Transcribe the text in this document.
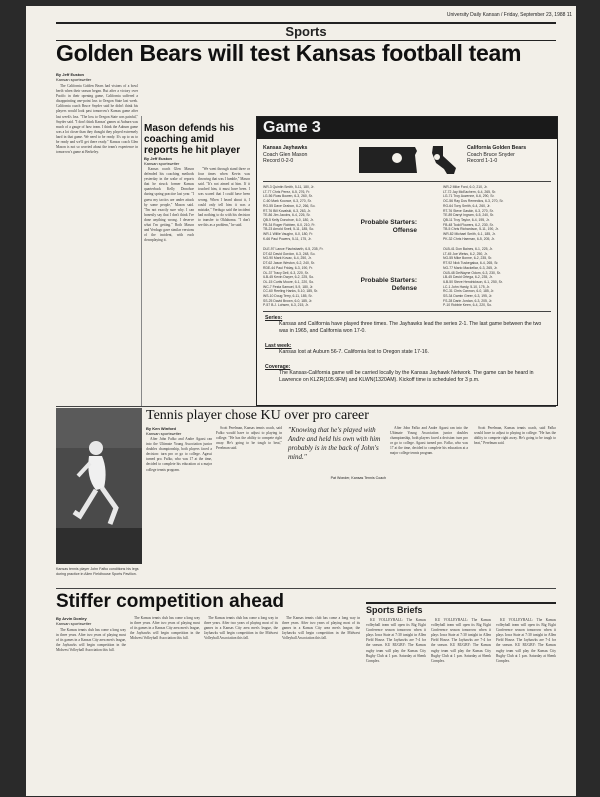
University Daily Kansan / Friday, September 23, 1988 11
Sports
Golden Bears will test Kansas football team
By Jeff Euston
Kansan sportswriter

The California Golden Bears had visions of a bowl berth when their season began. But after a victory over Pacific in their opening game, California suffered a disappointing one-point loss to Oregon State last week. California coach Bruce Snyder said he didn't think his players would look past tomorrow's Kansas game after last week's loss. "The loss to Oregon State was painful," Snyder said. "I don't think Kansas' games at Auburn was much of a gauge of how team. I think the Auburn game was a lot closer than they thought they played extremely hard in that game. We need to be ready. It's up to us to be ready and we'll get there ready." Kansas coach Glen Mason is not so worried about the team's experience in tomorrow's game at Berkeley.

Mason defends his coaching amid reports he hit player
By Jeff Euston
Kansan sportswriter

Kansas coach Glen Mason defended his coaching methods yesterday in the wake of reports that he struck former Kansas quarterback Kelly Donohoe during spring practice last year. "I guess my tactics are under attack by some people," Mason said. "I'm not exactly sure why. I can honestly say that I don't think I've done anything wrong. I deserve what I'm getting." Both Mason and Verdugo gave similar versions of the incident, with each downplaying it.

"We went through stand three or four times when Kevin was throwing that was I fumble," Mason said. "It's not aimed at him. If it touched him, it must have been. I was scared that I could have been wrong. When I heard about it, I could only tell him it was a mistake," Verdugo said the incident had nothing to do with his decision to transfer to Oklahoma. "I don't see this as a problem," he said.

Game 3
Kansas Jayhawks
Coach Glen Mason
Record 0-2-0
California Golden Bears
Coach Bruce Snyder
Record 1-1-0
WR-3 Quintin Smith, 5-11, 180, Jr.
LT-77 Chris Perez, 6-5, 276, Fr.
LG-56 Russ Bowen, 6-3, 260, Sr.
C-60 Mark Koonce, 6-3, 270, Sr.
RG-55 Dave Orabon, 6-2, 266, So.
RT-76 Bill Kovalski, 6-3, 263, Jr.
TE-86 Jim Jacobs, 6-4, 226, Sr.
QB-5 Kelly Donohoe, 6-0, 180, Jr.
FB-34 Roger Robben, 6-0, 210, Fr.
TB-23 Arnold Snell, 5-11, 185, So.
WR-1 Willie Vaughn, 6-0, 180, Fr.
K-66 Paul Powers, 5-11, 175, Jr.
Probable Starters: Offense
WR-2 Mike Ford, 6-0, 210, Jr.
LT-72 Jay McEachern, 6-4, 265, Sr.
LG-71 Troy Auzenne, 6-6, 290, Sr.
OC-56 Ray Dos Remedios, 6-3, 270, Sr.
RG-64 Tony Smith, 6-4, 260, Jr.
RT-76 Steve Gaskin, 6-3, 270, Sr.
TE-89 Darryl Ingram, 6-5, 240, Sr.
QB-11 Troy Taylor, 6-4, 195, Jr.
FB-48 Todd Flowers, 6-2, 230, Sr.
TB-5 Chris Richardson, 5-11, 190, Jr.
WR-82 Michael Smith, 6-1, 185, Jr.
PK-32 Chris Haeman, 6-5, 205, Jr.
DLE-97 Lance Flachsbarth, 6-5, 235, Fr.
DT-62 David Gordon, 6-3, 248, So.
NG-90 Mark Kovac, 6-4, 250, Jr.
DT-62 Jason Weston, 6-2, 240, Sr.
RDE-44 Paul Friday, 6-3, 190, Fr.
OL-37 Tracy Dell, 6-3, 220, Sr.
ILB-45 Kevin Dwyer, 6-2, 225, So.
OL-15 Curtis Moore, 6-1, 220, So.
WC-7 Festa Samuel, 5-9, 180, Jr.
CC-60 Reeling Hanks, 5-10, 185, Sr.
WS-10 Doug Terry, 6-11, 185, Sr.
SS-25 David Brown, 6-0, 185, Jr.
P-57 B.J. Lohsen, 6-3, 215, Jr.
Probable Starters: Defense
OLB-41 Don Baines, 6-1, 225, Jr.
LT-45 Joe Weiss, 6-2, 250, Jr.
NG-55 Mike Bonne, 6-2, 235, Sr.
RT-92 Nick Tuskegalua, 6-4, 265, Sr.
NG-77 Mario Mackellar, 6-3, 265, Jr.
OLB-48 DeWayne Odom, 6-3, 230, Sr.
LB-45 David Ortega, 6-2, 235, Jr.
ILB-50 Steve Hendrickson, 6-1, 250, Sr.
LC-1 John Hardy, 5-10, 175, Jr.
RC-31 Chris Cannon, 6-0, 185, Jr.
SS-34 Damin Greer, 6-3, 195, Jr.
FS-28 Darin Jordan, 6-3, 205, Jr.
P-10 Robbie Keen, 6-4, 220, So.
Series:
Kansas and California have played three times. The Jayhawks lead the series 2-1. The last game between the two was in 1965, and California won 17-0.
Last week:
Kansas lost at Auburn 56-7. California lost to Oregon state 17-16.
Coverage:
The Kansas-California game will be carried locally by the Kansas Jayhawk Network. The game can be heard in Lawrence on KLZR(105.9FM) and KLWN(1320AM). Kickoff time is scheduled for 3 p.m.
Tennis player chose KU over pro career
Kansas tennis player John Fafko conditions his legs during practice in Allen Fieldhouse Sports Pavilion.
By Ken Winford
Kansan sportswriter

After John Fafko and Andre Agassi ran into the Ultimate Young Association junior doubles championship, both players faced a decision: turn pro or go to college. Agassi turned pro. Fafko, who was 17 at the time, decided to complete his education at a major college tennis program.

Scott Perelman, Kansas tennis coach, said Fafko would have to adjust to playing in college. "He has the ability to compete right away. He's going to be tough to beat," Perelman said.

"Knowing that he's played with Andre and held his own with him probably is in the back of John's mind."
Pat Wonder, Kansas Tennis Coach

After John Fafko and Andre Agassi ran into the Ultimate Young Association junior doubles championship, both players faced a decision: turn pro or go to college. Agassi turned pro. Fafko, who was 17 at the time, decided to complete his education at a major college tennis program.

Scott Perelman, Kansas tennis coach, said Fafko would have to adjust to playing in college. "He has the ability to compete right away. He's going to be tough to beat," Perelman said.

Stiffer competition ahead
By Arvin Donley
Kansan sportswriter

The Kansas tennis club has come a long way in three years. After two years of playing most of its games in a Kansas City area men's league, the Jayhawks will begin competition in the Midwest Volleyball Association this fall.

The Kansas tennis club has come a long way in three years. After two years of playing most of its games in a Kansas City area men's league, the Jayhawks will begin competition in the Midwest Volleyball Association this fall.

The Kansas tennis club has come a long way in three years. After two years of playing most of its games in a Kansas City area men's league, the Jayhawks will begin competition in the Midwest Volleyball Association this fall.

The Kansas tennis club has come a long way in three years. After two years of playing most of its games in a Kansas City area men's league, the Jayhawks will begin competition in the Midwest Volleyball Association this fall.

Sports Briefs

KU VOLLEYBALL: The Kansas volleyball team will open its Big Eight Conference season tomorrow when it plays Iowa State at 7:30 tonight in Allen Field House. The Jayhawks are 7-4 for the season. KU RUGBY: The Kansas rugby team will play the Kansas City Rugby Club at 1 p.m. Saturday at Shenk Complex.

KU VOLLEYBALL: The Kansas volleyball team will open its Big Eight Conference season tomorrow when it plays Iowa State at 7:30 tonight in Allen Field House. The Jayhawks are 7-4 for the season. KU RUGBY: The Kansas rugby team will play the Kansas City Rugby Club at 1 p.m. Saturday at Shenk Complex.

KU VOLLEYBALL: The Kansas volleyball team will open its Big Eight Conference season tomorrow when it plays Iowa State at 7:30 tonight in Allen Field House. The Jayhawks are 7-4 for the season. KU RUGBY: The Kansas rugby team will play the Kansas City Rugby Club at 1 p.m. Saturday at Shenk Complex.
